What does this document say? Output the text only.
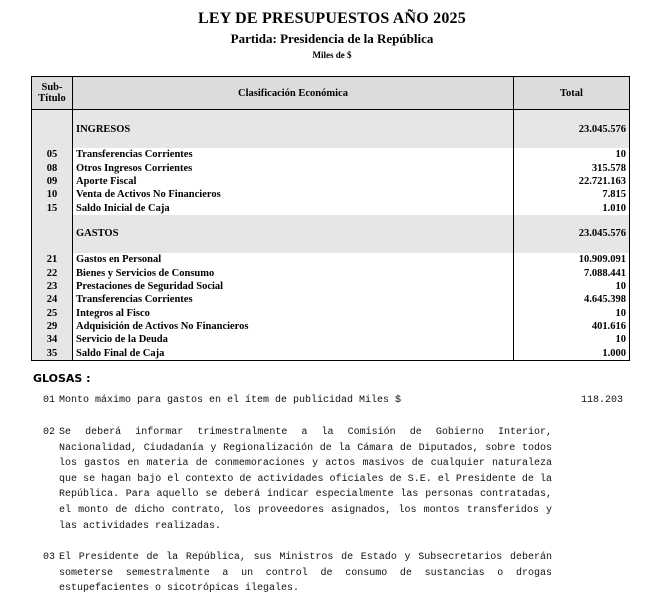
LEY DE PRESUPUESTOS AÑO 2025
Partida: Presidencia de la República
Miles de $
Sub-
Título	Clasificación Económica	Total

	INGRESOS	23.045.576

05	Transferencias Corrientes	10
08	Otros Ingresos Corrientes	315.578
09	Aporte Fiscal	22.721.163
10	Venta de Activos No Financieros	7.815
15	Saldo Inicial de Caja	1.010

	GASTOS	23.045.576

21	Gastos en Personal	10.909.091
22	Bienes y Servicios de Consumo	7.088.441
23	Prestaciones de Seguridad Social	10
24	Transferencias Corrientes	4.645.398
25	Integros al Fisco	10
29	Adquisición de Activos No Financieros	401.616
34	Servicio de la Deuda	10
35	Saldo Final de Caja	1.000
GLOSAS :
01 Monto máximo para gastos en el ítem de publicidad Miles $	118.203
02 Se deberá informar trimestralmente a la Comisión de Gobierno Interior, Nacionalidad, Ciudadanía y Regionalización de la Cámara de Diputados, sobre todos los gastos en materia de conmemoraciones y actos masivos de cualquier naturaleza que se hagan bajo el contexto de actividades oficiales de S.E. el Presidente de la República. Para aquello se deberá indicar especialmente las personas contratadas, el monto de dicho contrato, los proveedores asignados, los montos transferidos y las actividades realizadas.
03 El Presidente de la República, sus Ministros de Estado y Subsecretarios deberán someterse semestralmente a un control de consumo de sustancias o drogas estupefacientes o sicotrópicas ilegales.
